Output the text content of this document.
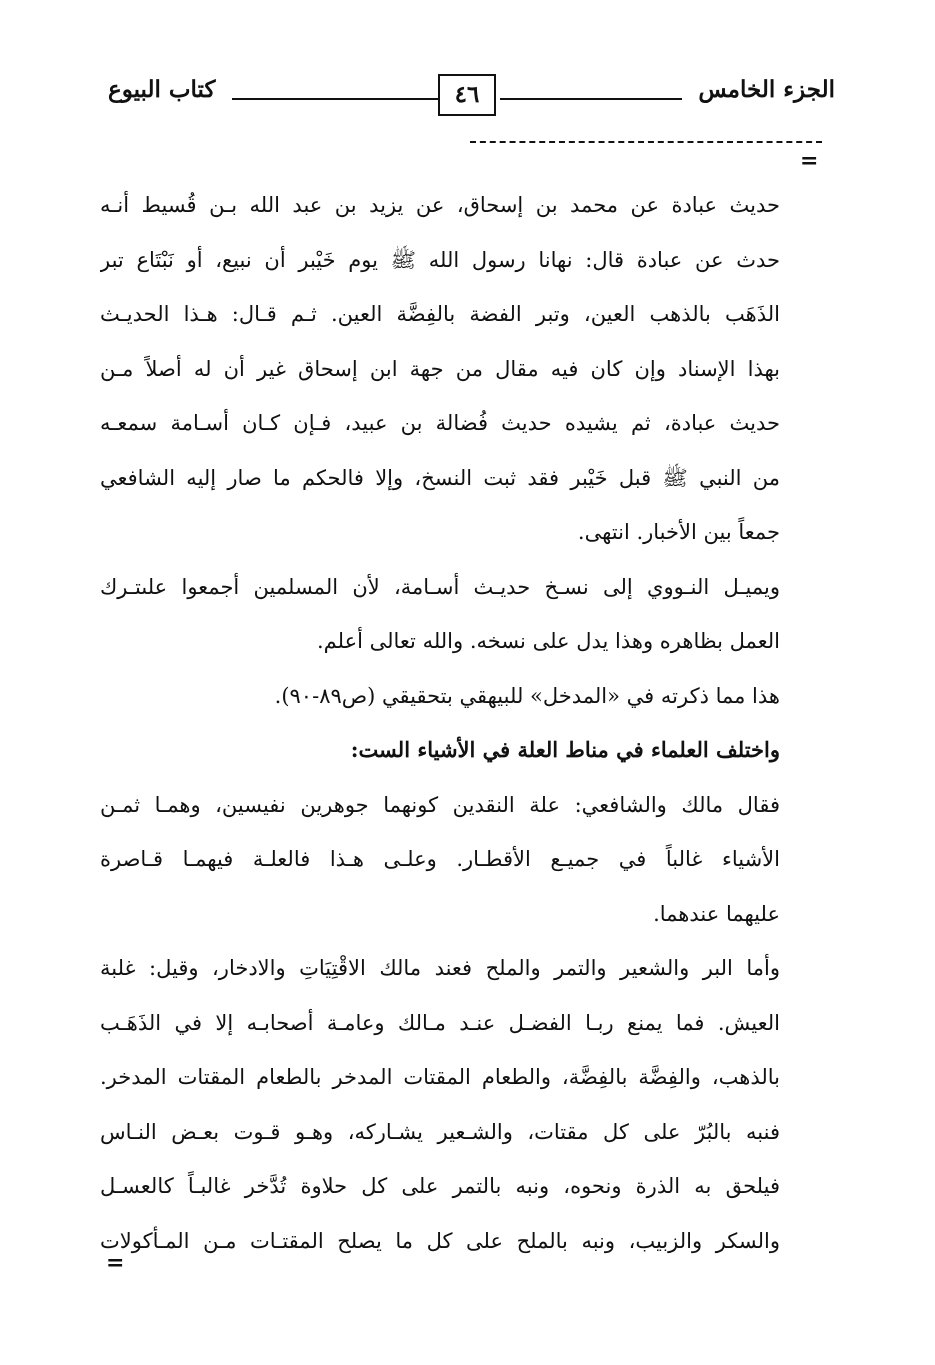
الجزء الخامس
٤٦
كتاب البيوع
=
حديث عبادة عن محمد بن إسحاق، عن يزيد بن عبد الله بـن قُسيط أنـه
حدث عن عبادة قال: نهانا رسول الله ﷺ يوم خَيْبر أن نبيع، أو نَبْتَاع تبر
الذَهَب بالذهب العين، وتبر الفضة بالفِضَّة العين. ثـم قـال: هـذا الحديـث
بهذا الإسناد وإن كان فيه مقال من جهة ابن إسحاق غير أن له أصلاً مـن
حديث عبادة، ثم يشيده حديث فُضالة بن عبيد، فـإن كـان أسـامة سمعـه
من النبي ﷺ قبل خَيْبر فقد ثبت النسخ، وإلا فالحكم ما صار إليه الشافعي
جمعاً بين الأخبار. انتهى.
ويميـل النـووي إلى نسـخ حديـث أسـامة، لأن المسلمين أجمعوا علىتـرك
العمل بظاهره وهذا يدل على نسخه. والله تعالى أعلم.
هذا مما ذكرته في «المدخل» للبيهقي بتحقيقي (ص٨٩-٩٠).
واختلف العلماء في مناط العلة في الأشياء الست:
فقال مالك والشافعي: علة النقدين كونهما جوهرين نفيسين، وهمـا ثمـن
الأشياء غالباً في جميـع الأقطـار. وعلـى هـذا فالعلـة فيهمـا قـاصرة
عليهما عندهما.
وأما البر والشعير والتمر والملح فعند مالك الاقْتِيَاتِ والادخار، وقيل: غلبة
العيش. فما يمنع ربـا الفضـل عنـد مـالك وعامـة أصحابـه إلا في الذَهَـب
بالذهب، والفِضَّة بالفِضَّة، والطعام المقتات المدخر بالطعام المقتات المدخر.
فنبه بالبُرّ على كل مقتات، والشـعير يشـاركه، وهـو قـوت بعـض النـاس
فيلحق به الذرة ونحوه، ونبه بالتمر على كل حلاوة تُدَّخر غالبـاً كالعسـل
والسكر والزبيب، ونبه بالملح على كل ما يصلح المقتـات مـن المـأكولات
=
